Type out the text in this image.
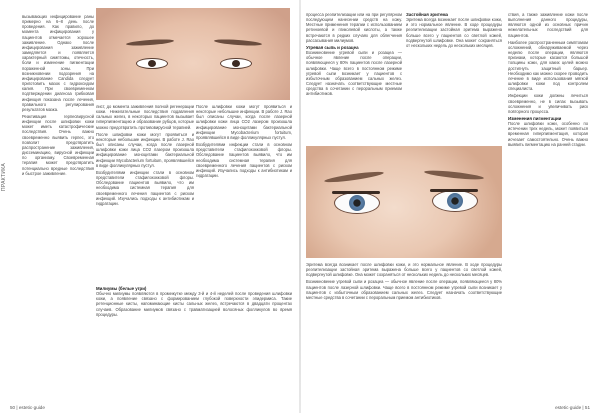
ПРАКТИКА

вызывающих инфицирование раны примерно на 6–8 день после проведения. Как правило, до момента инфицирования у пациентов отмечается хорошее заживление. Однако после инфицирования заживление замедляется и появляется характерный симптомы, отечность, боли и изменение пигментации пораженной зоны. При возникновении подозрения на инфицирование Candida следует приготовить мазок с гидроксидом калия. При своевременном подтверждении диагноза грибковая инфекция показана после лечения, правильного регулирования результатов мазка.

Реактивация герпесвирусной инфекции после шлифовки кожи может иметь катастрофические последствия. Очень важно своевременно выявить герпес, это позволит предотвратить распространение заживления, диссеминацию, вирусной инфекции по организму. Своевременная терапия может предотвратить потенциально вредные последствия и быстрое заживление.

лист, до момента заживления полной регенерации кожи. Нежелательные последствия подавления сальных желез, в некоторых пациентов вызывает гиперпигментацию и образование рубцов, которые можно предотвратить противовирусной терапией.

После шлифовки кожи могут проявиться и некоторые небольшие инфекции. В работе J. Rao был описаны случаи, когда после лазерной шлифовки кожи лица СО2 лазером произошла инфицирование моноцитами бактериальной инфекции Mycobacterium fortuitum, проявлявшейся в виде фолликулярных пустул.

Возбудителями инфекции стали в основном представители стафилококковой флоры. Обследование пациентов выявило, что им необходима системная терапия для своевременного лечения пациентов с риском инфекций. Изучались подходы к антибиотикам и гидратации.

После шлифовки кожи могут проявиться и некоторые небольшие инфекции. В работе J. Rao был описаны случаи, когда после лазерной шлифовки кожи лица СО2 лазером произошла инфицирование моноцитами бактериальной инфекции Mycobacterium fortuitum, проявлявшейся в виде фолликулярных пустул.

Возбудителями инфекции стали в основном представители стафилококковой флоры. Обследование пациентов выявило, что им необходима системная терапия для своевременного лечения пациентов с риском инфекций. Изучались подходы к антибиотикам и гидратации.

Милиумы (белые угри)

Обычно милиумы появляются в промежутке между 3-й и 4-й неделей после проведения шлифовки кожи, а появление связано с формированием глубокой поверхности эпидермиса. Такие ретенционные кисты, напоминающие кисты сальных желез, встречаются в двадцати процентах случаев. Образование милиумов связано с травматизацией волосяных фолликулов во время процедуры.

процесса реэпителизации или на при регулярном последующем нанесении средств на кожу. Местные применения терапии с использованием ретиноевой и гликолевой кислоты, а также встречаются в редких случаях для облегчения рассасывания милиумов.

Угревая сыпь и розацеа

Возникновение угревой сыпи и розацеа — обычное явление после операции, появляющееся у 80% пациентов после лазерной шлифовки. Чаще всего в постоянном режиме угревой сыпи возникает у пациентов с избыточным образованием сальных желез. Следует назначать соответствующие местные средства в сочетании с пероральным приемом антибиотиков.

Застойная эритема

Эритема всегда возникает после шлифовки кожи, и это нормальное явление. В ходе процедуры реэпителизации застойная эритема выражена больше всего у пациентов со светлой кожей, подвергнутой шлифовке. Она может сохраняться от нескольких недель до нескольких месяцев.

Эритема всегда возникает после шлифовки кожи, и это нормальное явление. В ходе процедуры реэпителизации застойная эритема выражена больше всего у пациентов со светлой кожей, подвергнутой шлифовке. Она может сохраняться от нескольких недель до нескольких месяцев.

Возникновение угревой сыпи и розацеа — обычное явление после операции, появляющееся у 80% пациентов после лазерной шлифовки. Чаще всего в постоянном режиме угревой сыпи возникает у пациентов с избыточным образованием сальных желез. Следует назначать соответствующие местные средства в сочетании с пероральным приемом антибиотиков.

ствия, а также заживление кожи после выполнения данного процедуры, являются одной из основных причин нежелательных последствий для пациентов.

Наиболее распространенным симптомом осложнений, обнаруживаемой через неделю после операции, являются признаки, которые касаются большой толщины кожи, для каких целей можно достигнуть защитный барьер. Необходимо как можно скорее проводить лечение в виде использования мягкой шлифовки кожи под контролем специалиста.

Инфекции кожи должны лечиться своевременно, не в силах вызывать осложнения и увеличивать риск повторного процесса.

Изменения пигментации

После шлифовки кожи, особенно по истечении трех недель, может появиться временная гиперпигментация, которая исчезает самостоятельно. Очень важно выявить пигментацию на ранней стадии.

50 | estetic·guide	estetic·guide | 51
